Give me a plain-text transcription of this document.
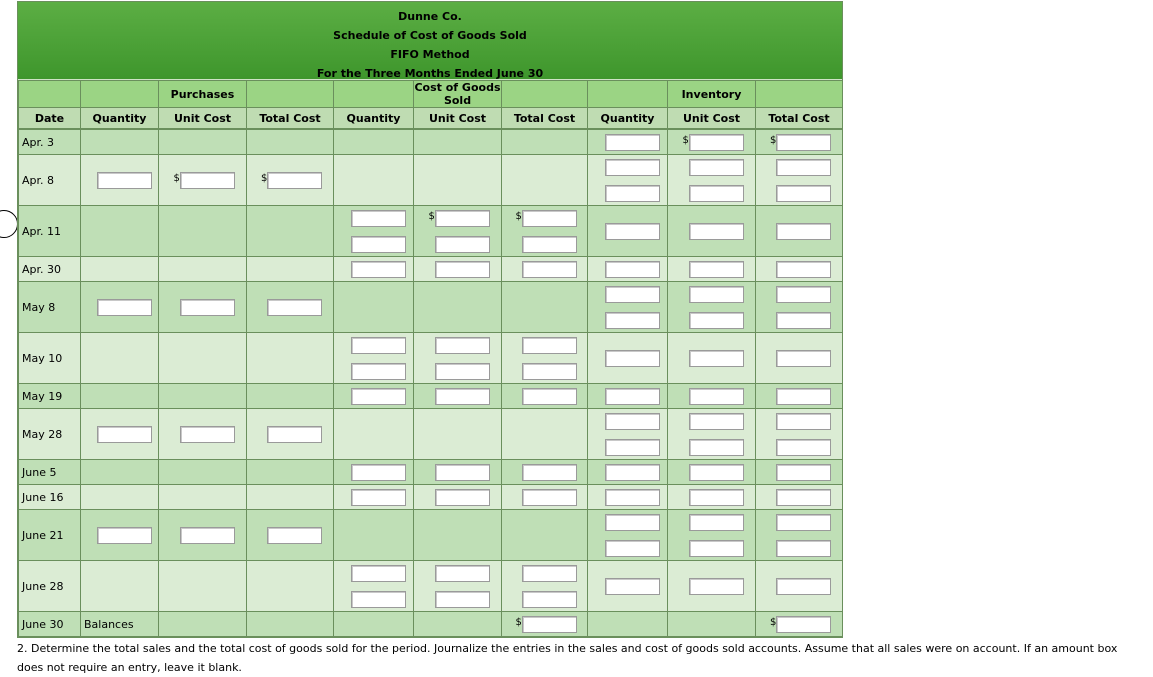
Dunne Co.
Schedule of Cost of Goods Sold
FIFO Method
For the Three Months Ended June 30
		Purchases			Cost of Goods Sold			Inventory	
Date	Quantity	Unit Cost	Total Cost	Quantity	Unit Cost	Total Cost	Quantity	Unit Cost	Total Cost
Apr. 3								$	$

Apr. 8		$	$						

Apr. 11					$	$			

Apr. 30				

May 8	

May 10				

May 19				

May 28	

June 5				

June 16				

June 21	

June 28				

June 30	Balances					$			$
2. Determine the total sales and the total cost of goods sold for the period. Journalize the entries in the sales and cost of goods sold accounts. Assume that all sales were on account. If an amount box does not require an entry, leave it blank.
